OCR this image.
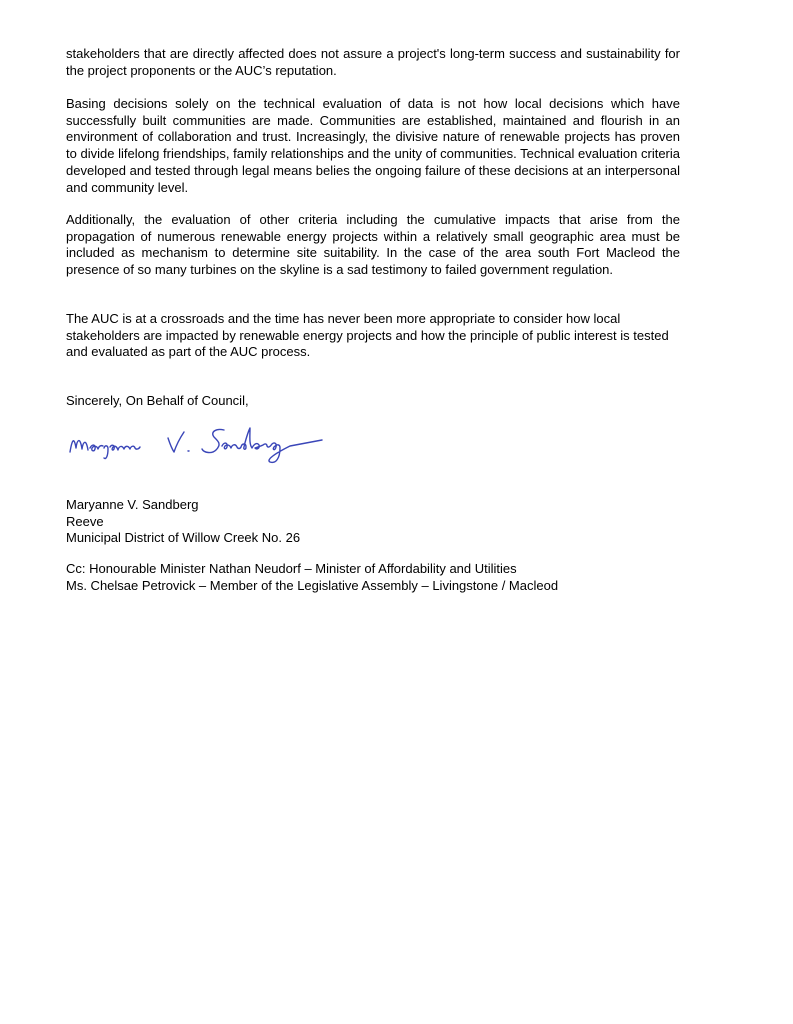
stakeholders that are directly affected does not assure a project's long-term success and sustainability for the project proponents or the AUC’s reputation.

Basing decisions solely on the technical evaluation of data is not how local decisions which have successfully built communities are made. Communities are established, maintained and flourish in an environment of collaboration and trust. Increasingly, the divisive nature of renewable projects has proven to divide lifelong friendships, family relationships and the unity of communities. Technical evaluation criteria developed and tested through legal means belies the ongoing failure of these decisions at an interpersonal and community level.

Additionally, the evaluation of other criteria including the cumulative impacts that arise from the propagation of numerous renewable energy projects within a relatively small geographic area must be included as mechanism to determine site suitability. In the case of the area south Fort Macleod the presence of so many turbines on the skyline is a sad testimony to failed government regulation.

The AUC is at a crossroads and the time has never been more appropriate to consider how local stakeholders are impacted by renewable energy projects and how the principle of public interest is tested and evaluated as part of the AUC process.

Sincerely, On Behalf of Council,

Maryanne V. Sandberg
Reeve
Municipal District of Willow Creek No. 26
Cc: Honourable Minister Nathan Neudorf – Minister of Affordability and Utilities
Ms. Chelsae Petrovick – Member of the Legislative Assembly – Livingstone / Macleod
